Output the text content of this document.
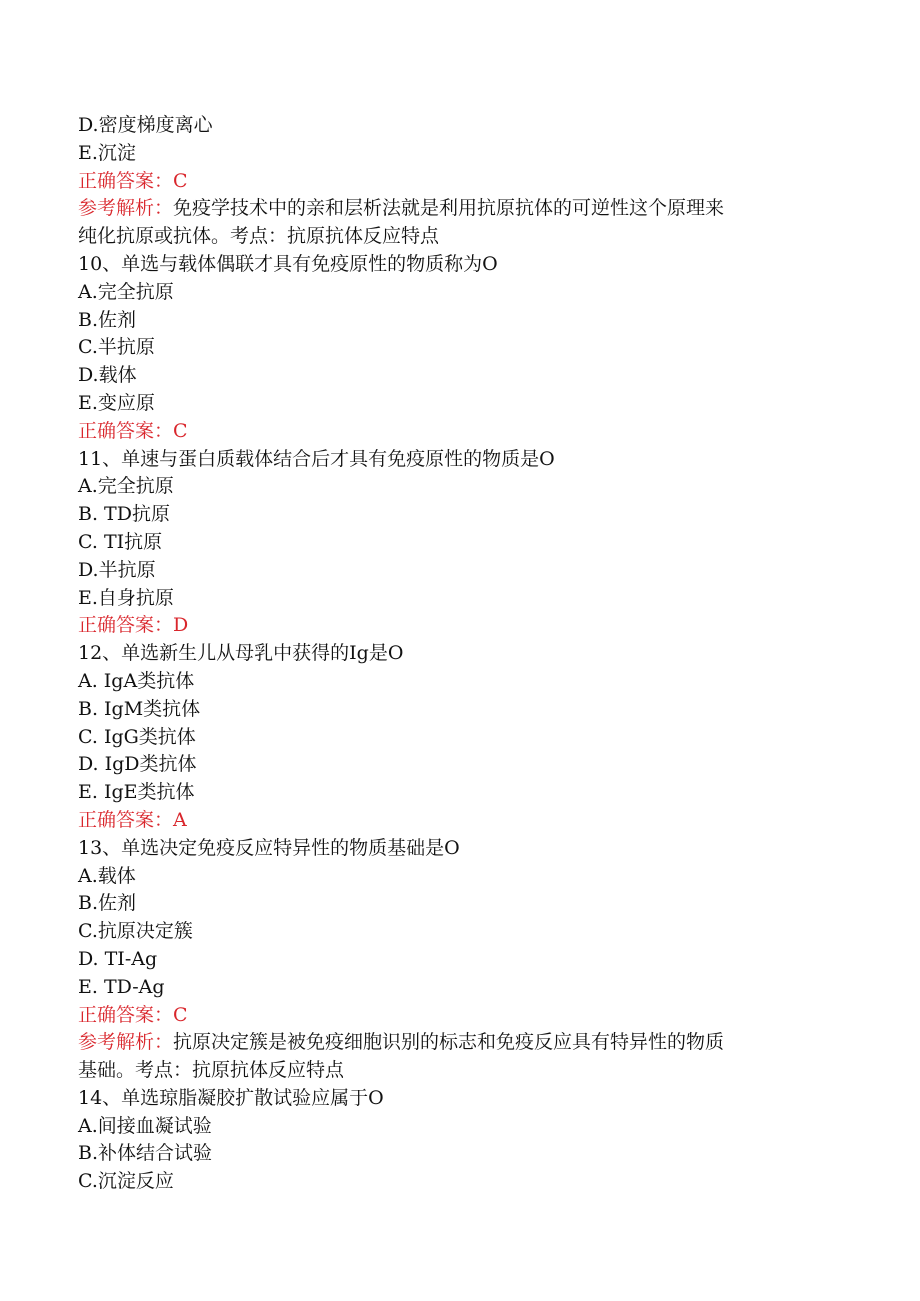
D.密度梯度离心
E.沉淀
正确答案：C
参考解析：免疫学技术中的亲和层析法就是利用抗原抗体的可逆性这个原理来
纯化抗原或抗体。考点：抗原抗体反应特点
10、单选与载体偶联才具有免疫原性的物质称为O
A.完全抗原
B.佐剂
C.半抗原
D.载体
E.变应原
正确答案：C
11、单速与蛋白质载体结合后才具有免疫原性的物质是O
A.完全抗原
B. TD抗原
C. TI抗原
D.半抗原
E.自身抗原
正确答案：D
12、单选新生儿从母乳中获得的Ig是O
A. IgA类抗体
B. IgM类抗体
C. IgG类抗体
D. IgD类抗体
E. IgE类抗体
正确答案：A
13、单选决定免疫反应特异性的物质基础是O
A.载体
B.佐剂
C.抗原决定簇
D. TI-Ag
E. TD-Ag
正确答案：C
参考解析：抗原决定簇是被免疫细胞识别的标志和免疫反应具有特异性的物质
基础。考点：抗原抗体反应特点
14、单选琼脂凝胶扩散试验应属于O
A.间接血凝试验
B.补体结合试验
C.沉淀反应
